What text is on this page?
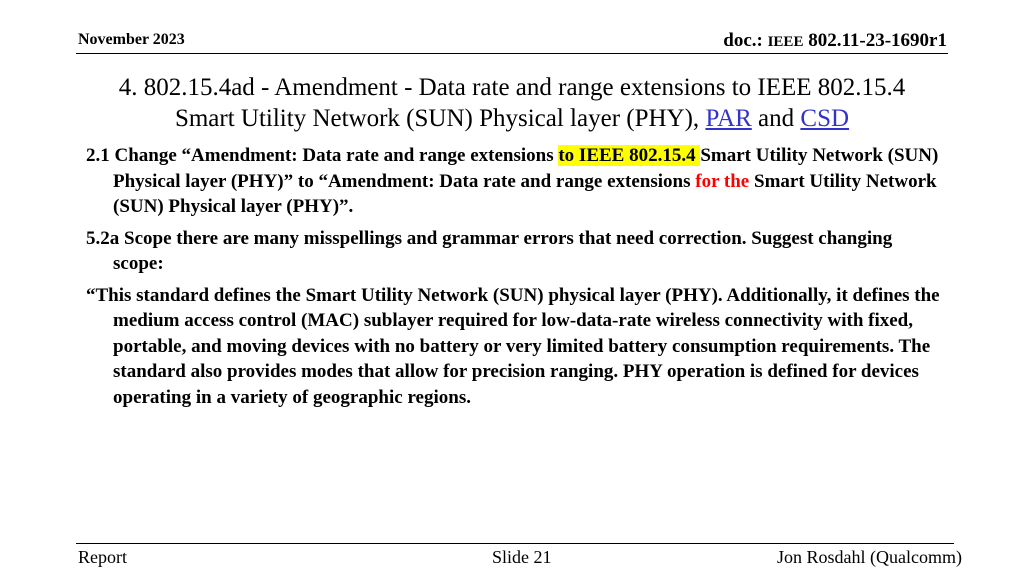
November 2023	doc.: IEEE 802.11-23-1690r1
4. 802.15.4ad - Amendment - Data rate and range extensions to IEEE 802.15.4
Smart Utility Network (SUN) Physical layer (PHY), PAR and CSD

2.1 Change “Amendment: Data rate and range extensions to IEEE 802.15.4 Smart Utility Network (SUN) Physical layer (PHY)” to “Amendment: Data rate and range extensions for the Smart Utility Network (SUN) Physical layer (PHY)”.

5.2a Scope there are many misspellings and grammar errors that need correction. Suggest changing scope:

“This standard defines the Smart Utility Network (SUN) physical layer (PHY). Additionally, it defines the medium access control (MAC) sublayer required for low-data-rate wireless connectivity with fixed, portable, and moving devices with no battery or very limited battery consumption requirements. The standard also provides modes that allow for precision ranging. PHY operation is defined for devices operating in a variety of geographic regions.

Report	Slide 21	Jon Rosdahl (Qualcomm)
